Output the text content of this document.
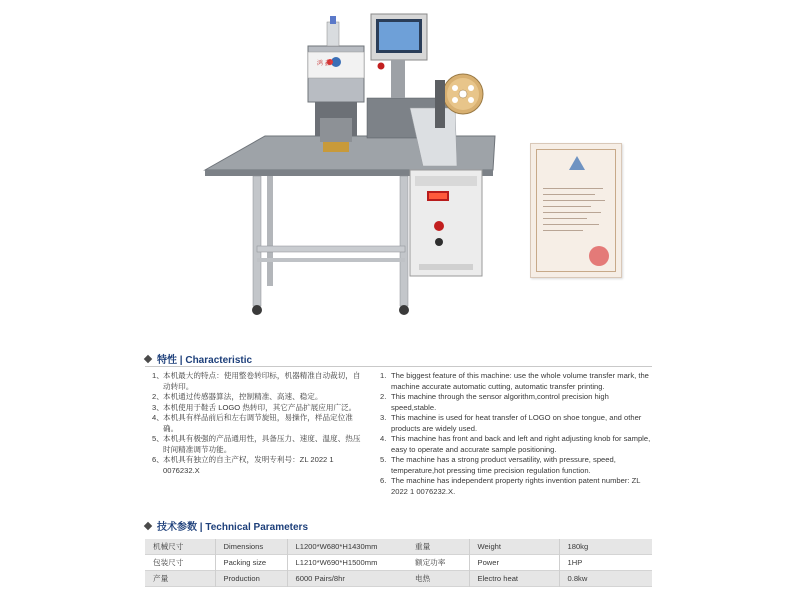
鸿 鑫
特性 | Characteristic
1、 本机最大的特点：使用整卷转印标，机器精准自动裁切，自动转印。
2、 本机通过传感器算法，控制精准、高速、稳定。
3、 本机使用于鞋舌 LOGO 热转印，其它产品扩展应用广泛。
4、 本机具有样品前后和左右调节旋钮，易操作，样品定位准确。
5、 本机具有极强的产品通用性，具备压力、速度、温度、热压时间精准调节功能。
6、 本机具有独立的自主产权，发明专利号：ZL 2022 1 0076232.X
1. The biggest feature of this machine: use the whole volume transfer mark, the machine accurate automatic cutting, automatic transfer printing.
2. This machine through the sensor algorithm,control precision high speed,stable.
3. This machine is used for heat transfer of LOGO on shoe tongue, and other products are widely used.
4. This machine has front and back and left and right adjusting knob for sample, easy to operate and accurate sample positioning.
5. The machine has a strong product versatility, with pressure, speed, temperature,hot pressing time precision regulation function.
6. The machine has independent property rights invention patent number: ZL 2022 1 0076232.X.
技术参数 | Technical Parameters
机械尺寸	Dimensions	L1200*W680*H1430mm	重量	Weight	180kg
包装尺寸	Packing size	L1210*W690*H1500mm	额定功率	Power	1HP
产量	Production	6000 Pairs/8hr	电热	Electro heat	0.8kw
